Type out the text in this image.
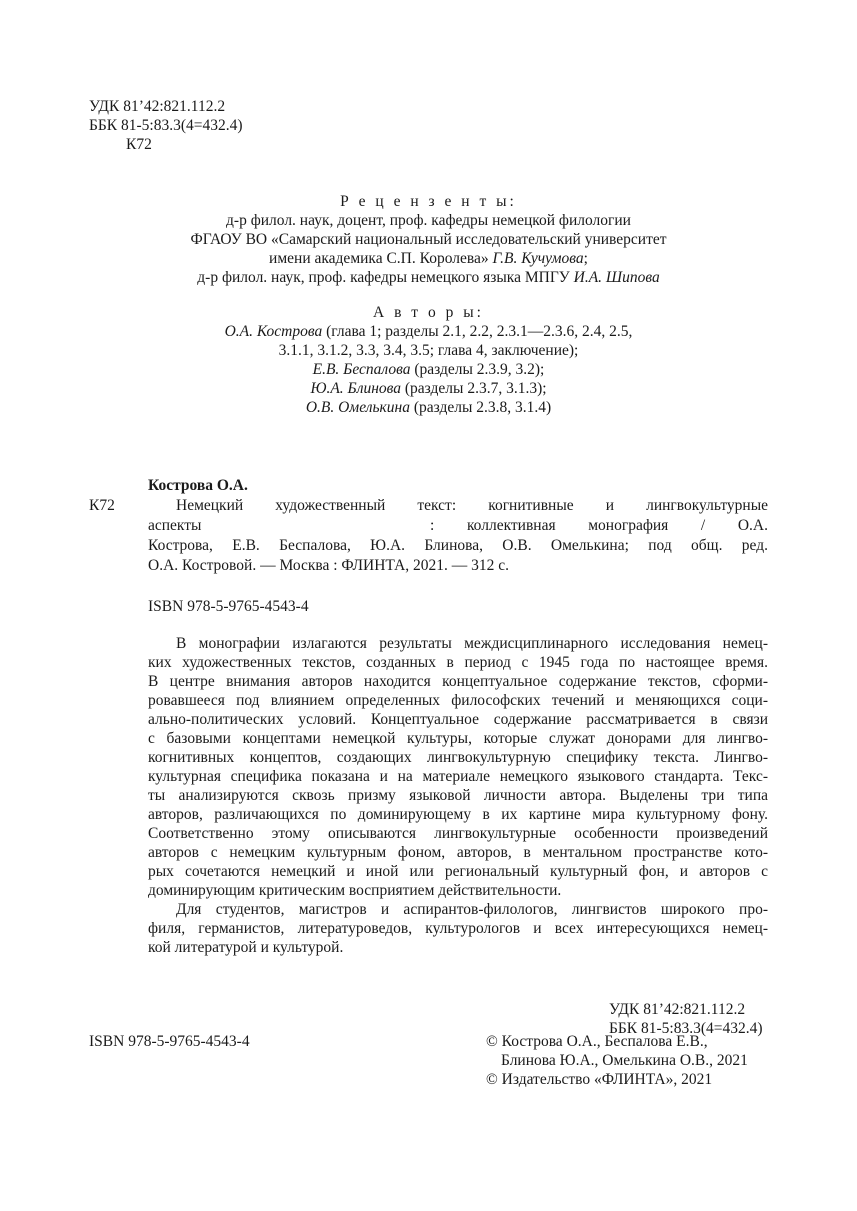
УДК 81’42:821.112.2
ББК 81-5:83.3(4=432.4)
К72
Р е ц е н з е н т ы:
д-р филол. наук, доцент, проф. кафедры немецкой филологии
ФГАОУ ВО «Самарский национальный исследовательский университет
имени академика С.П. Королева» Г.В. Кучумова;
д-р филол. наук, проф. кафедры немецкого языка МПГУ И.А. Шипова
А в т о р ы:
О.А. Кострова (глава 1; разделы 2.1, 2.2, 2.3.1—2.3.6, 2.4, 2.5,
3.1.1, 3.1.2, 3.3, 3.4, 3.5; глава 4, заключение);
Е.В. Беспалова (разделы 2.3.9, 3.2);
Ю.А. Блинова (разделы 2.3.7, 3.1.3);
О.В. Омелькина (разделы 2.3.8, 3.1.4)
Кострова О.А.
К72	Немецкий художественный текст: когнитивные и лингвокультурные
аспекты	: коллективная монография / О.А.
Кострова, Е.В. Беспалова, Ю.А. Блинова, О.В. Омелькина; под общ. ред.
О.А. Костровой. — Москва : ФЛИНТА, 2021. — 312 с.
ISBN 978-5-9765-4543-4

В монографии излагаются результаты междисциплинарного исследования немец-

ких художественных текстов, созданных в период с 1945 года по настоящее время.

В центре внимания авторов находится концептуальное содержание текстов, сформи-

ровавшееся под влиянием определенных философских течений и меняющихся соци-

ально-политических условий. Концептуальное содержание рассматривается в связи

с базовыми концептами немецкой культуры, которые служат донорами для лингво-

когнитивных концептов, создающих лингвокультурную специфику текста. Лингво-

культурная специфика показана и на материале немецкого языкового стандарта. Текс-

ты анализируются сквозь призму языковой личности автора. Выделены три типа

авторов, различающихся по доминирующему в их картине мира культурному фону.

Соответственно этому описываются лингвокультурные особенности произведений

авторов с немецким культурным фоном, авторов, в ментальном пространстве кото-

рых сочетаются немецкий и иной или региональный культурный фон, и авторов с

доминирующим критическим восприятием действительности.

Для студентов, магистров и аспирантов-филологов, лингвистов широкого про-

филя, германистов, литературоведов, культурологов и всех интересующихся немец-

кой литературой и культурой.

УДК 81’42:821.112.2
ББК 81-5:83.3(4=432.4)
ISBN 978-5-9765-4543-4	© Кострова О.А., Беспалова Е.В.,
Блинова Ю.А., Омелькина О.В., 2021
© Издательство «ФЛИНТА», 2021
